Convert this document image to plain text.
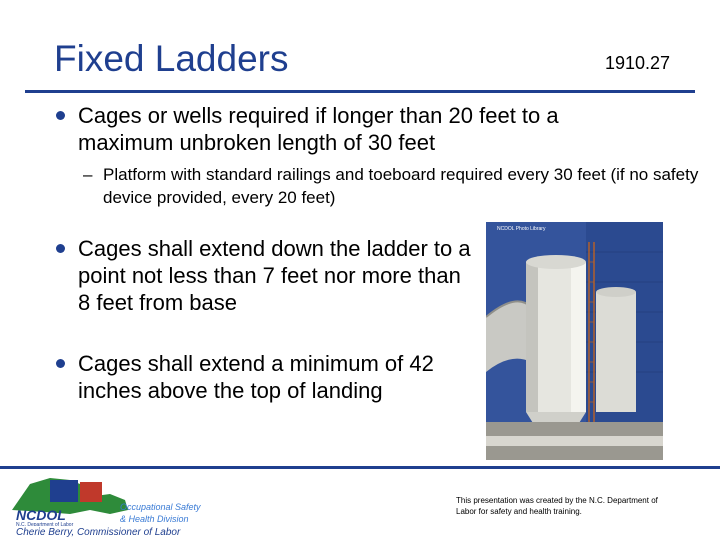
Fixed Ladders	1910.27
Cages or wells required if longer than 20 feet to a maximum unbroken length of 30 feet
– Platform with standard railings and toeboard required every 30 feet (if no safety device provided, every 20 feet)
Cages shall extend down the ladder to a point not less than 7 feet nor more than 8 feet from base
Cages shall extend a minimum of 42 inches above the top of landing
NCDOL Photo Library
NCDOL
N.C. Department of Labor
Occupational Safety
& Health Division
Cherie Berry, Commissioner of Labor
This presentation was created by the N.C. Department of Labor for safety and health training.
